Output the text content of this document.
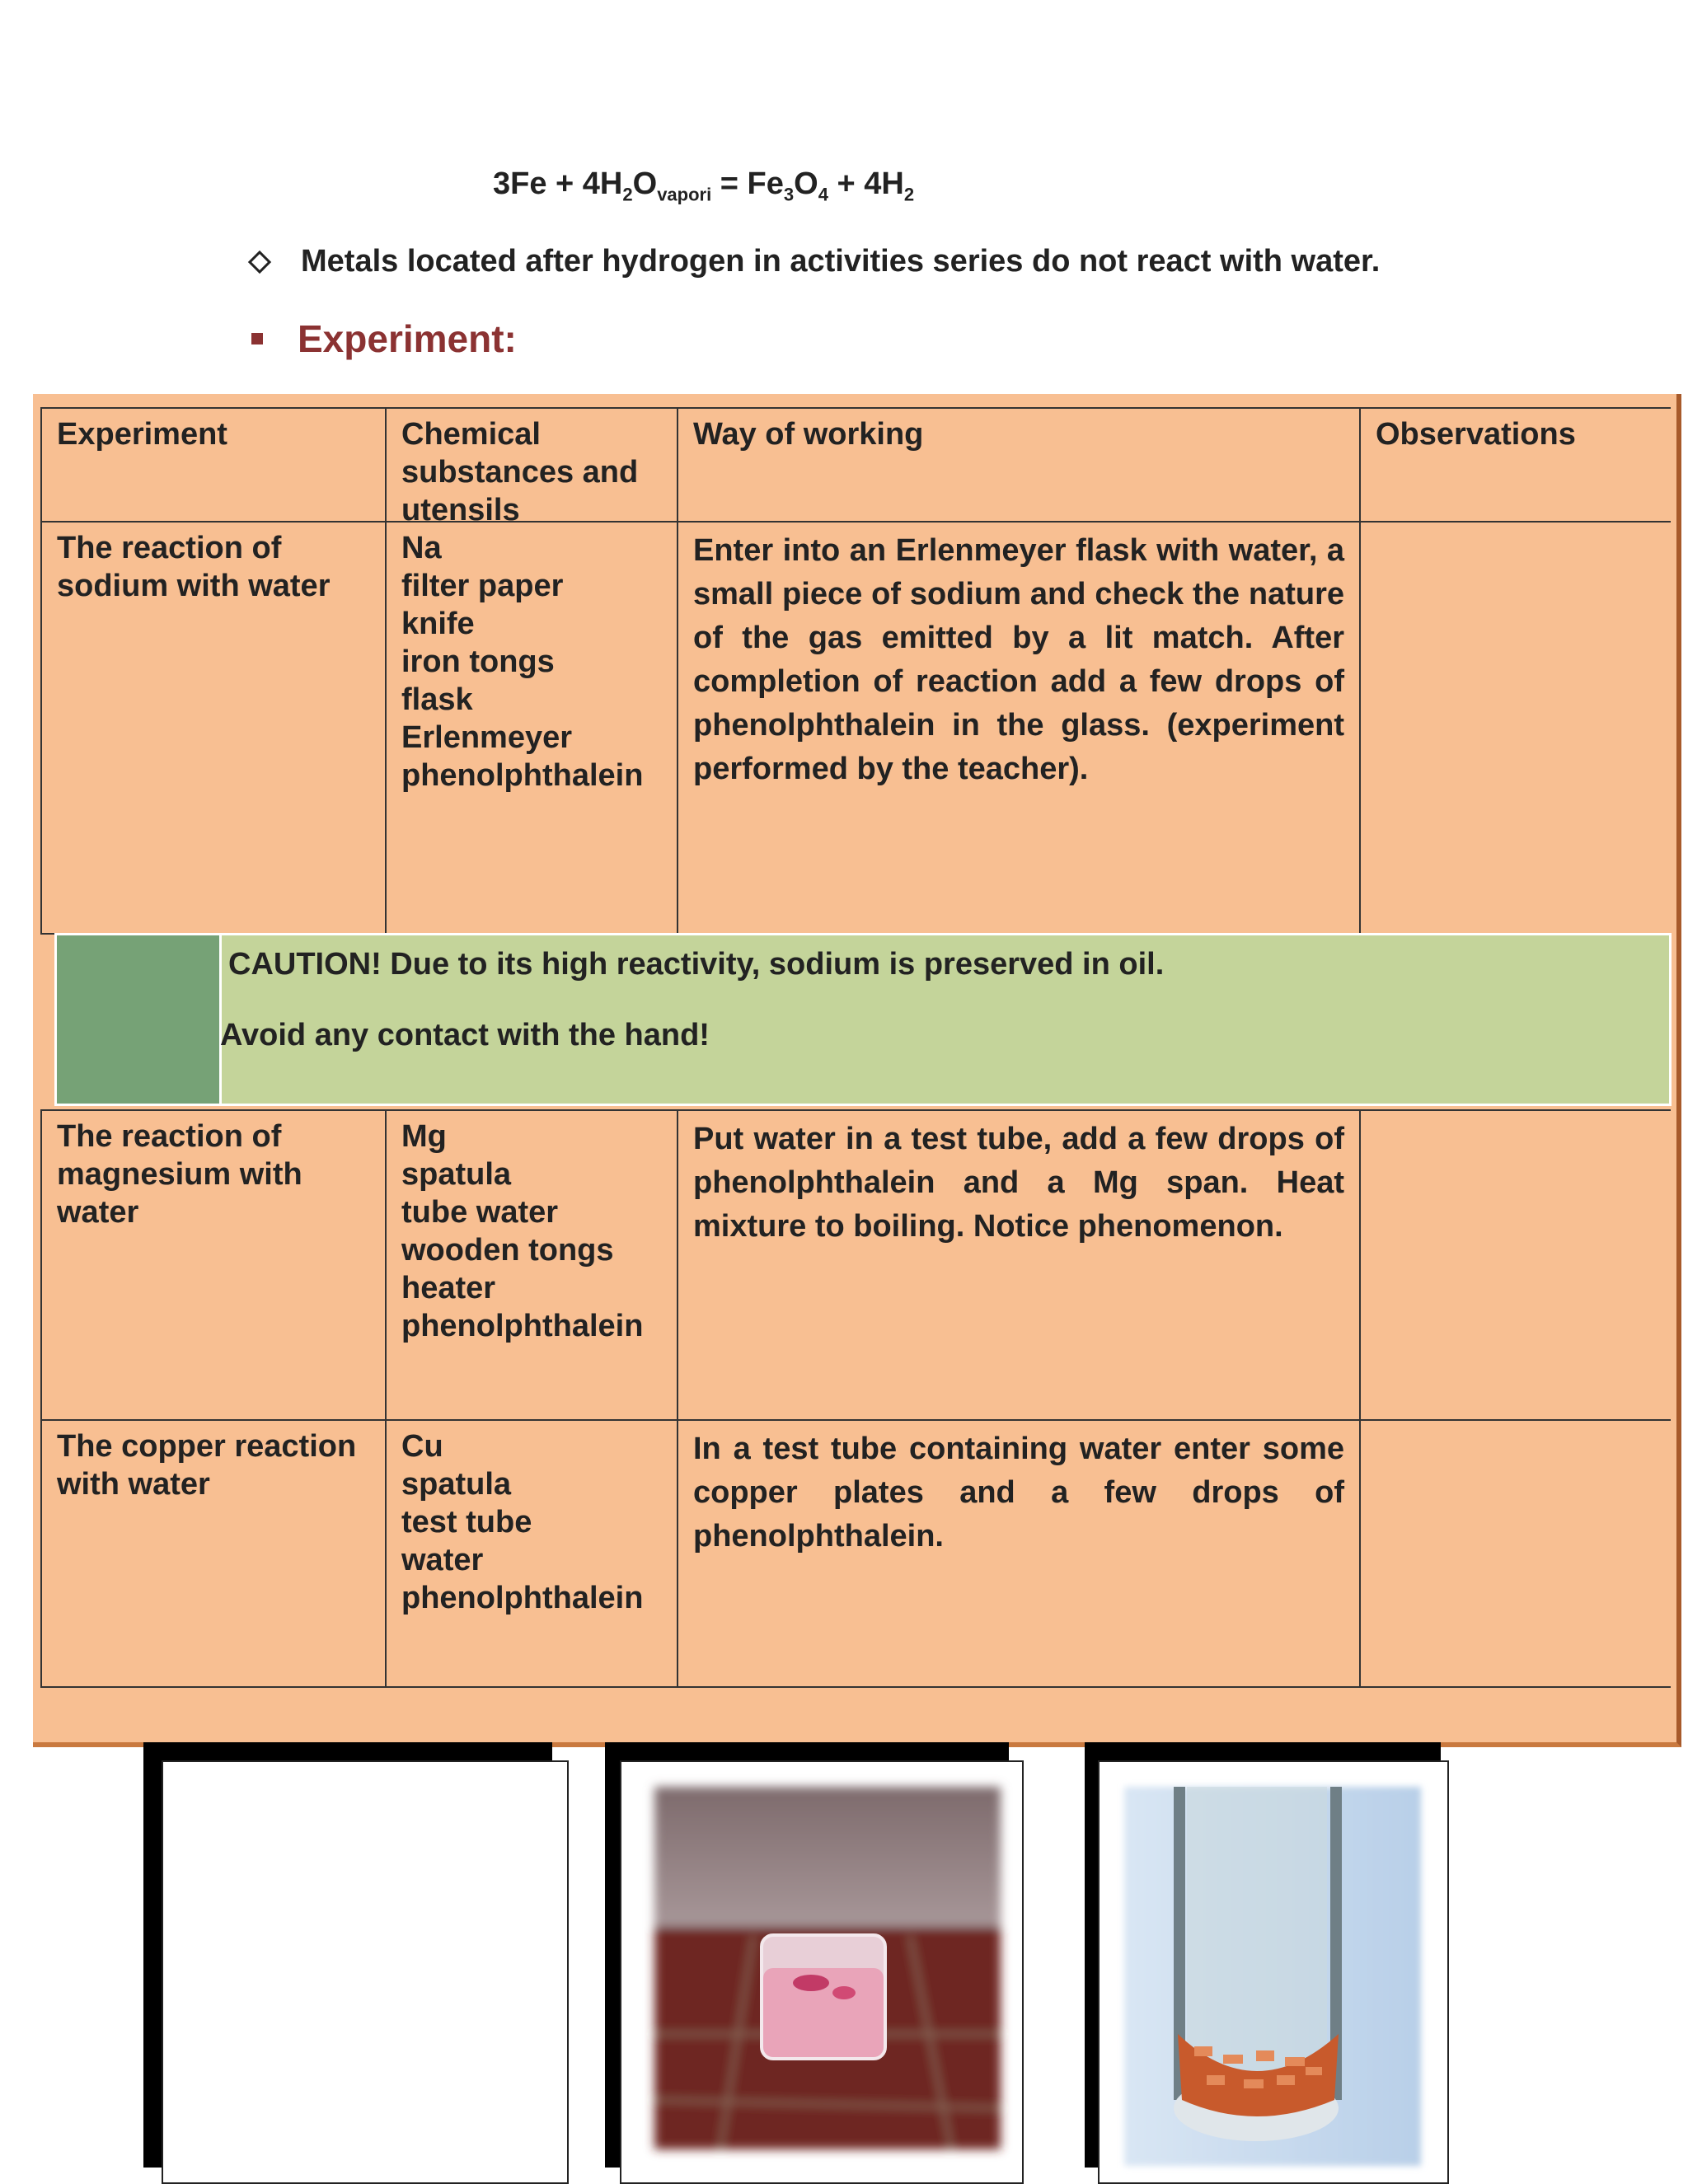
$3Fe + 4H_2O_{vapori} = Fe_3O_4 + 4H_2$
Metals located after hydrogen in activities series do not react with water.
Experiment:
Experiment	Chemical substances and utensils
Way of working	Observations
The reaction of sodium with water
Na
filter paper
knife
iron tongs
flask
Erlenmeyer
phenolphthalein
Enter into an Erlenmeyer flask with water, a small piece of sodium and check the nature of the gas emitted by a lit match. After completion of reaction add a few drops of phenolphthalein in the glass. (experiment performed by the teacher).
CAUTION! Due to its high reactivity, sodium is preserved in oil.
Avoid any contact with the hand!
The reaction of magnesium with water
Mg
spatula
tube water
wooden tongs
heater
phenolphthalein
Put water in a test tube, add a few drops of phenolphthalein and a Mg span. Heat mixture to boiling. Notice phenomenon.
The copper reaction with water
Cu
spatula
test tube
water
phenolphthalein
In a test tube containing water enter some copper plates and a few drops of phenolphthalein.
